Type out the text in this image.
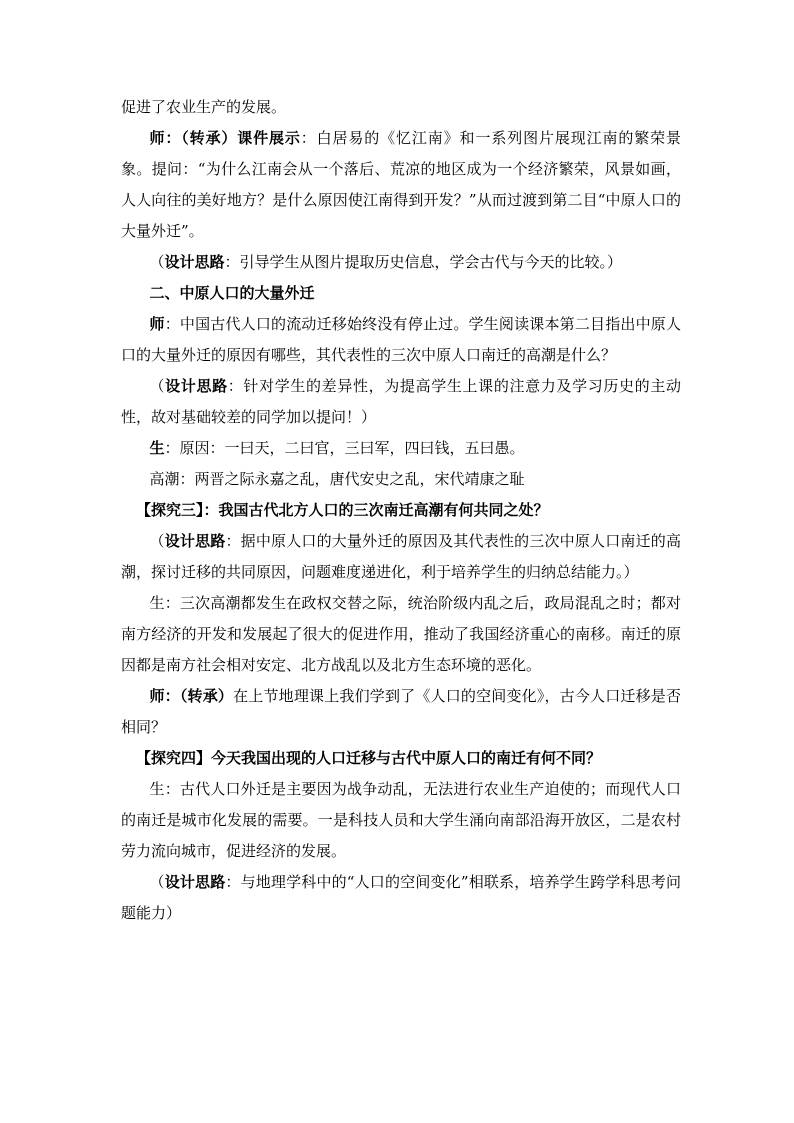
促进了农业生产的发展。

师：（转承）课件展示：白居易的《忆江南》和一系列图片展现江南的繁荣景象。提问：“为什么江南会从一个落后、荒凉的地区成为一个经济繁荣，风景如画，人人向往的美好地方？是什么原因使江南得到开发？”从而过渡到第二目“中原人口的大量外迁”。

（设计思路：引导学生从图片提取历史信息，学会古代与今天的比较。）

二、中原人口的大量外迁

师：中国古代人口的流动迁移始终没有停止过。学生阅读课本第二目指出中原人口的大量外迁的原因有哪些，其代表性的三次中原人口南迁的高潮是什么？

（设计思路：针对学生的差异性，为提高学生上课的注意力及学习历史的主动性，故对基础较差的同学加以提问！）

生：原因：一曰天，二曰官，三曰军，四曰钱，五曰愚。

高潮：两晋之际永嘉之乱，唐代安史之乱，宋代靖康之耻

【探究三】：我国古代北方人口的三次南迁高潮有何共同之处？

（设计思路：据中原人口的大量外迁的原因及其代表性的三次中原人口南迁的高潮，探讨迁移的共同原因，问题难度递进化，利于培养学生的归纳总结能力。）

生：三次高潮都发生在政权交替之际，统治阶级内乱之后，政局混乱之时；都对南方经济的开发和发展起了很大的促进作用，推动了我国经济重心的南移。南迁的原因都是南方社会相对安定、北方战乱以及北方生态环境的恶化。

师：（转承）在上节地理课上我们学到了《人口的空间变化》，古今人口迁移是否相同？

【探究四】今天我国出现的人口迁移与古代中原人口的南迁有何不同？

生：古代人口外迁是主要因为战争动乱，无法进行农业生产迫使的；而现代人口的南迁是城市化发展的需要。一是科技人员和大学生涌向南部沿海开放区，二是农村劳力流向城市，促进经济的发展。

（设计思路：与地理学科中的“人口的空间变化”相联系，培养学生跨学科思考问题能力）
